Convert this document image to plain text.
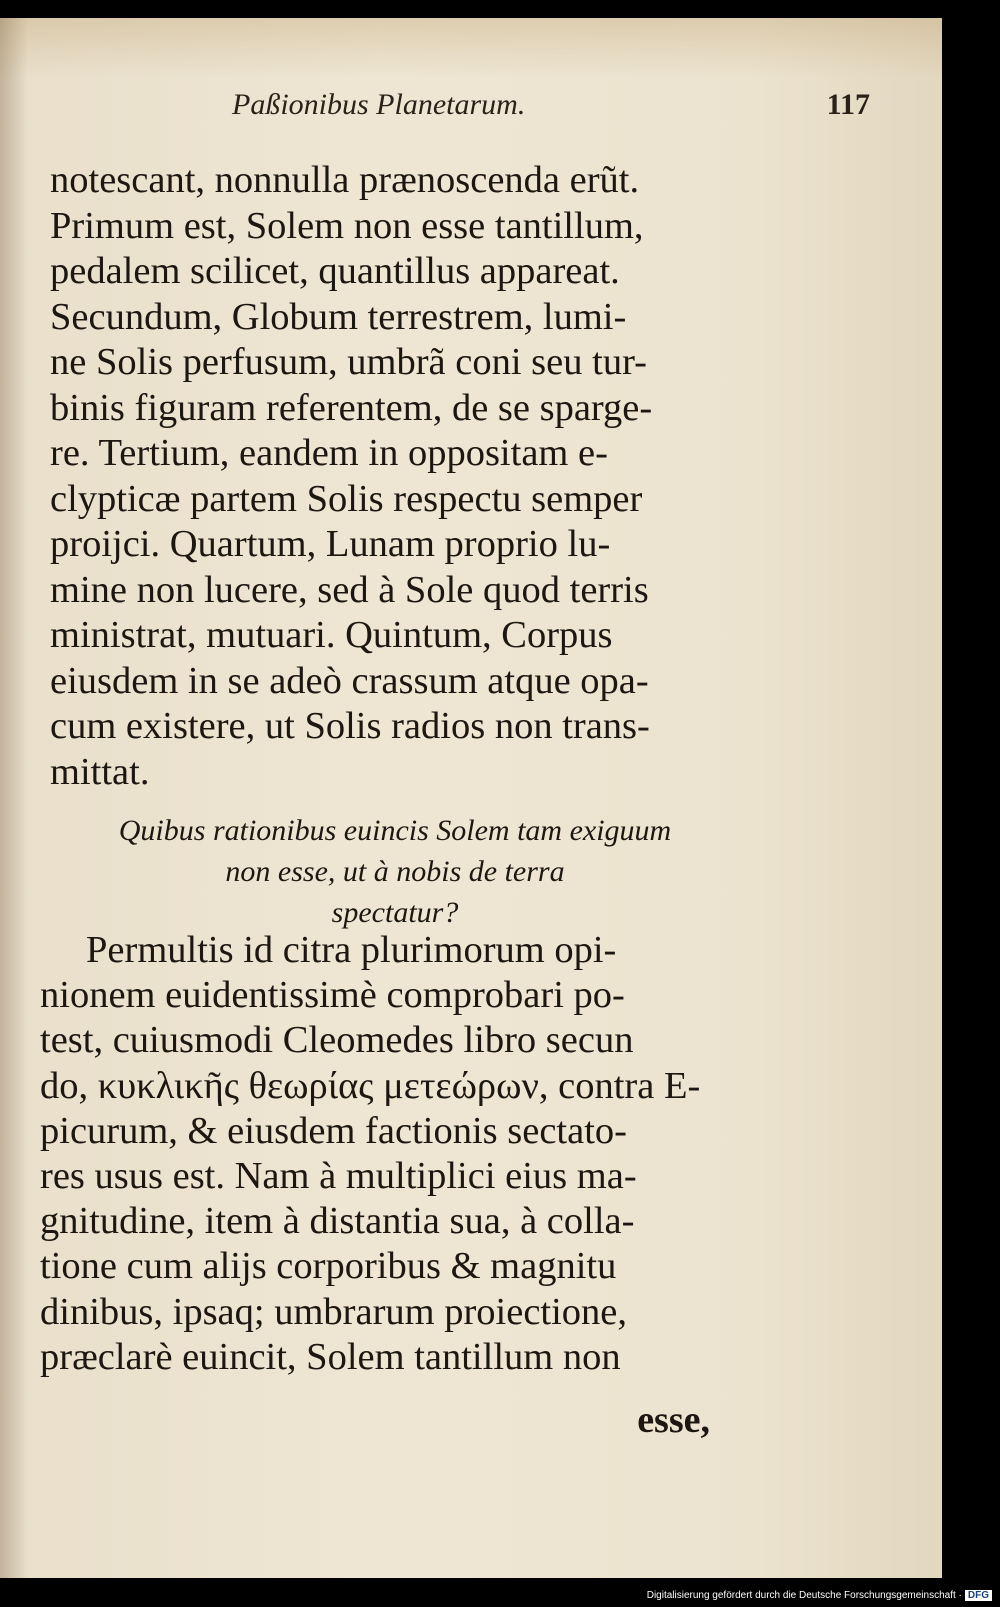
Paßionibus Planetarum.	117
notescant, nonnulla prænoscenda erũt.
Primum est, Solem non esse tantillum,
pedalem scilicet, quantillus appareat.
Secundum, Globum terrestrem, lumi-
ne Solis perfusum, umbrã coni seu tur-
binis figuram referentem, de se sparge-
re. Tertium, eandem in oppositam e-
clypticæ partem Solis respectu semper
proijci. Quartum, Lunam proprio lu-
mine non lucere, sed à Sole quod terris
ministrat, mutuari. Quintum, Corpus
eiusdem in se adeò crassum atque opa-
cum existere, ut Solis radios non trans-
mittat.
Quibus rationibus euincis Solem tam exiguum
non esse, ut à nobis de terra
spectatur?
Permultis id citra plurimorum opi-
nionem euidentissimè comprobari po-
test, cuiusmodi Cleomedes libro secun
do, κυκλικῆς θεωρίας μετεώρων, contra E-
picurum, & eiusdem factionis sectato-
res usus est. Nam à multiplici eius ma-
gnitudine, item à distantia sua, à colla-
tione cum alijs corporibus & magnitu
dinibus, ipsaq; umbrarum proiectione,
præclarè euincit, Solem tantillum non
esse,
Digitalisierung gefördert durch die Deutsche Forschungsgemeinschaft · DFG
